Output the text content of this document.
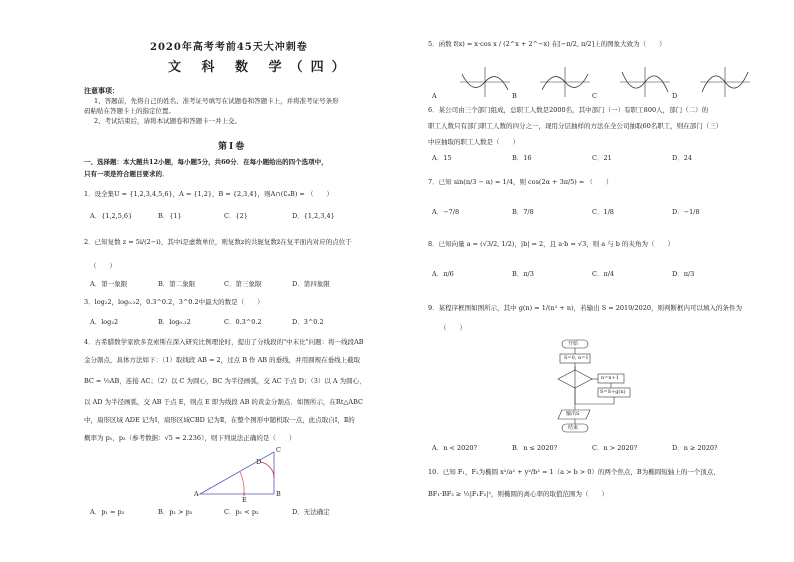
2020年高考考前45天大冲刺卷
文 科 数 学（四）
注意事项：
1、答题前，先将自己的姓名、准考证号填写在试题卷和答题卡上，并将准考证号条形
码粘贴在答题卡上的指定位置。
2、考试结束后，请将本试题卷和答题卡一并上交。
第Ⅰ卷
一、选择题：本大题共12小题，每小题5分，共60分．在每小题给出的四个选项中，
只有一项是符合题目要求的．
1．设全集U = {1,2,3,4,5,6}，A = {1,2}，B = {2,3,4}，则A∩(∁ᵤB) = （　　）
A．{1,2,5,6}	B．{1}	C．{2}	D．{1,2,3,4}
2．已知复数 z = 5i/(2−i)，其中i是虚数单位，则复数z的共轭复数z̄在复平面内对应的点位于
（　　）
A．第一象限	B．第二象限	C．第三象限	D．第四象限
3．log₂2，log₀.₂2，0.3^0.2，3^0.2中最大的数是（　　）
A．log₂2	B．log₀.₂2	C．0.3^0.2	D．3^0.2
4．古希腊数学家欧多克索斯在深入研究比例理论时，提出了分线段的"中末比"问题：将一线段AB
金分割点，具体方法如下：（1）取线段 AB = 2，过点 B 作 AB 的垂线，并用圆规在垂线上截取
BC = ½AB，连接 AC；（2）以 C 为圆心，BC 为半径画弧，交 AC 于点 D；（3）以 A 为圆心，
以 AD 为半径画弧，交 AB 于点 E，则点 E 即为线段 AB 的黄金分割点．如图所示，在Rt△ABC
中，扇形区域 ADE 记为Ⅰ，扇形区域CBD 记为Ⅱ，在整个图形中随机取一点，此点取自Ⅰ，Ⅱ的
概率为 p₁，p₂（参考数据：√5 ≈ 2.236），则下列说法正确的是（　　）
A
E
B
D
C
A．p₁ = p₂	B．p₁ > p₂	C．p₁ < p₂	D．无法确定
5．函数 f(x) = x·cos x / (2^x + 2^−x) 在[−π/2, π/2]上的图象大致为（　　）
A	B	C	D
6．某公司由三个部门组成，总职工人数是2000名，其中部门（一）有职工800人，部门（二）的
职工人数只有部门职工人数的四分之一，现用分层抽样的方法在全公司抽取60名职工，则在部门（三）
中应抽取的职工人数是（　　）
A．15	B．16	C．21	D．24
7．已知 sin(π/3 − α) = 1/4，则 cos(2α + 3π/5) = （　　）
A．−7/8	B．7/8	C．1/8	D．−1/8
8．已知向量 a = (√3/2, 1/2)，|b| = 2，且 a·b = √3，则 a 与 b 的夹角为（　　）
A．π/6	B．π/3	C．π/4	D．π/3
9．某程序框图如图所示，其中 g(n) = 1/(n² + n)，若输出 S = 2019/2020，则判断框内可以填入的条件为
（　　）
开始
S=0, n=1
n=n+1
S=S+g(n)
输出S
结束
A．n < 2020?	B．n ≤ 2020?	C．n > 2020?	D．n ≥ 2020?
10．已知 F₁，F₂为椭圆 x²/a² + y²/b² = 1（a > b > 0）的两个焦点，B为椭圆短轴上的一个顶点，
BF₁·BF₂ ≥ ½|F₁F₂|²，则椭圆的离心率的取值范围为（　　）
